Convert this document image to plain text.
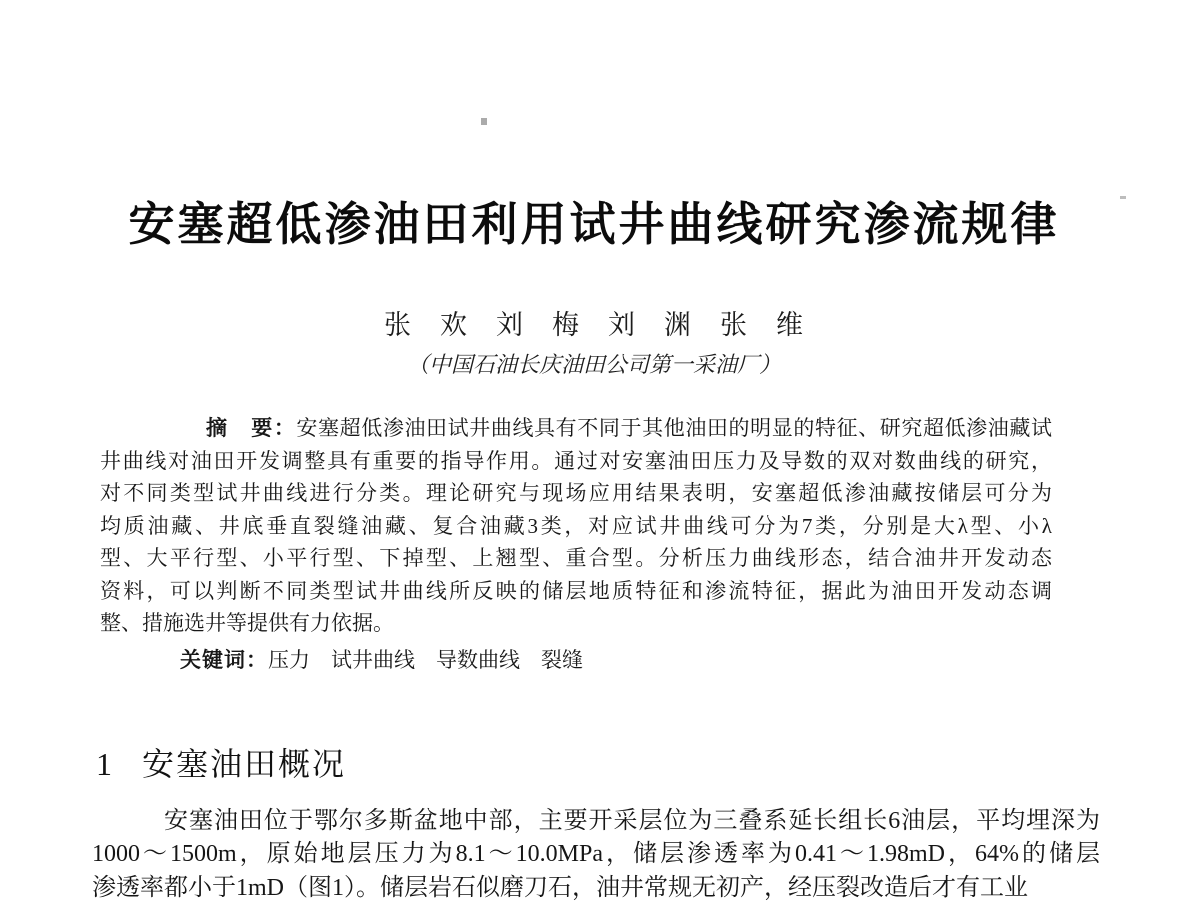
安塞超低渗油田利用试井曲线研究渗流规律
张　欢　刘　梅　刘　渊　张　维
（中国石油长庆油田公司第一采油厂）
摘　要：安塞超低渗油田试井曲线具有不同于其他油田的明显的特征、研究超低渗油藏试
井曲线对油田开发调整具有重要的指导作用。通过对安塞油田压力及导数的双对数曲线的研究，
对不同类型试井曲线进行分类。理论研究与现场应用结果表明，安塞超低渗油藏按储层可分为
均质油藏、井底垂直裂缝油藏、复合油藏3类，对应试井曲线可分为7类，分别是大λ型、小λ
型、大平行型、小平行型、下掉型、上翘型、重合型。分析压力曲线形态，结合油井开发动态
资料，可以判断不同类型试井曲线所反映的储层地质特征和渗流特征，据此为油田开发动态调
整、措施选井等提供有力依据。
关键词：压力　试井曲线　导数曲线　裂缝
1 安塞油田概况
安塞油田位于鄂尔多斯盆地中部，主要开采层位为三叠系延长组长6油层，平均埋深为
1000～1500m，原始地层压力为8.1～10.0MPa，储层渗透率为0.41～1.98mD，64%的储层
渗透率都小于1mD（图1）。储层岩石似磨刀石，油井常规无初产，经压裂改造后才有工业
